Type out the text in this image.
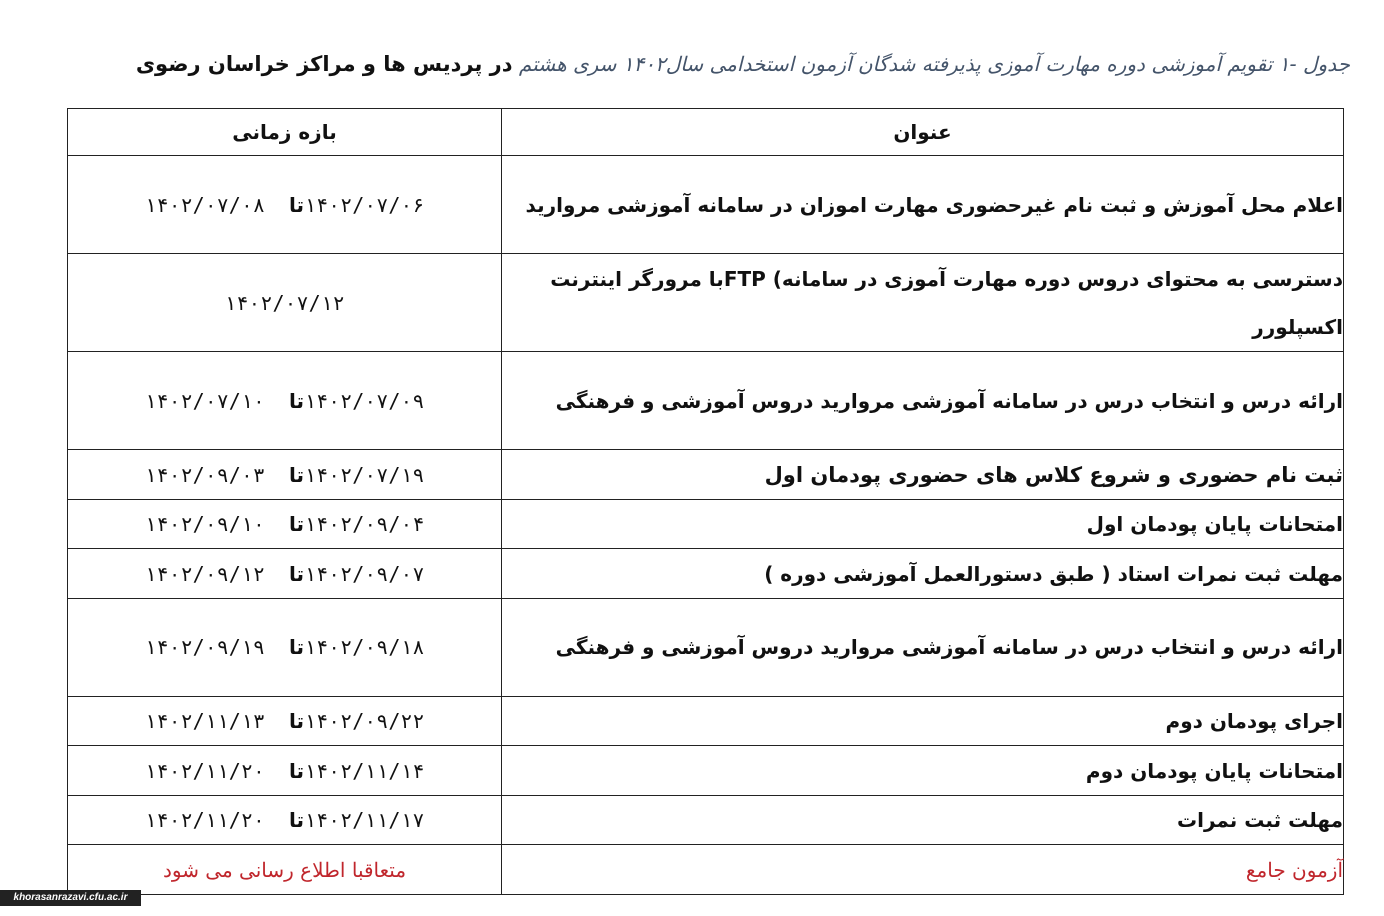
جدول -۱ تقویم آموزشی دوره مهارت آموزی پذیرفته شدگان آزمون استخدامی سال۱۴۰۲ سری هشتم در پردیس ها و مراکز خراسان رضوی
عنوان	بازه زمانی
اعلام محل آموزش و ثبت نام غیرحضوری مهارت اموزان در سامانه آموزشی مروارید	۱۴۰۲/۰۷/۰۶تا  ۱۴۰۲/۰۷/۰۸
دسترسی به محتوای دروس دوره مهارت آموزی در سامانه) FTPبا مرورگر اینترنت اکسپلورر	۱۴۰۲/۰۷/۱۲
ارائه درس و انتخاب درس در سامانه آموزشی مروارید دروس آموزشی و فرهنگی	۱۴۰۲/۰۷/۰۹تا  ۱۴۰۲/۰۷/۱۰
ثبت نام حضوری و شروع کلاس های حضوری پودمان اول	۱۴۰۲/۰۷/۱۹تا  ۱۴۰۲/۰۹/۰۳
امتحانات پایان پودمان اول	۱۴۰۲/۰۹/۰۴تا  ۱۴۰۲/۰۹/۱۰
مهلت ثبت نمرات استاد ( طبق دستورالعمل آموزشی دوره )	۱۴۰۲/۰۹/۰۷تا  ۱۴۰۲/۰۹/۱۲
ارائه درس و انتخاب درس در سامانه آموزشی مروارید دروس آموزشی و فرهنگی	۱۴۰۲/۰۹/۱۸تا  ۱۴۰۲/۰۹/۱۹
اجرای پودمان دوم	۱۴۰۲/۰۹/۲۲تا  ۱۴۰۲/۱۱/۱۳
امتحانات پایان پودمان دوم	۱۴۰۲/۱۱/۱۴تا  ۱۴۰۲/۱۱/۲۰
مهلت ثبت نمرات	۱۴۰۲/۱۱/۱۷تا  ۱۴۰۲/۱۱/۲۰
آزمون جامع	متعاقبا اطلاع رسانی می شود
khorasanrazavi.cfu.ac.ir
